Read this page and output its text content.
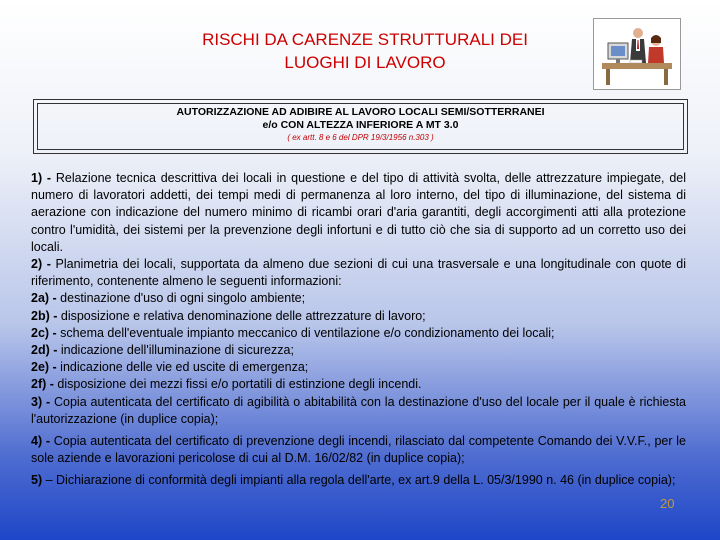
RISCHI DA CARENZE STRUTTURALI DEI
LUOGHI DI LAVORO
AUTORIZZAZIONE AD ADIBIRE AL LAVORO LOCALI SEMI/SOTTERRANEI
e/o CON ALTEZZA INFERIORE A MT 3.0
( ex artt. 8 e 6 del DPR 19/3/1956 n.303 )

1) - Relazione tecnica descrittiva dei locali in questione e del tipo di attività svolta, delle attrezzature impiegate, del numero di lavoratori addetti, dei tempi medi di permanenza al loro interno, del tipo di illuminazione, del sistema di aerazione con indicazione del numero minimo di ricambi orari d'aria garantiti, degli accorgimenti atti alla protezione contro l'umidità, dei sistemi per la prevenzione degli infortuni e di tutto ciò che sia di supporto ad un corretto uso dei locali.

2) - Planimetria dei locali, supportata da almeno due sezioni di cui una trasversale e una longitudinale con quote di riferimento, contenente almeno le seguenti informazioni:

2a) - destinazione d'uso di ogni singolo ambiente;

2b) - disposizione e relativa denominazione delle attrezzature di lavoro;

2c) - schema dell'eventuale impianto meccanico di ventilazione e/o condizionamento dei locali;

2d) - indicazione dell'illuminazione di sicurezza;

2e) - indicazione delle vie ed uscite di emergenza;

2f) - disposizione dei mezzi fissi e/o portatili di estinzione degli incendi.

3) - Copia autenticata del certificato di agibilità o abitabilità con la destinazione d'uso del locale per il quale è richiesta l'autorizzazione (in duplice copia);

4) - Copia autenticata del certificato di prevenzione degli incendi, rilasciato dal competente Comando dei V.V.F., per le sole aziende e lavorazioni pericolose di cui al D.M. 16/02/82 (in duplice copia);

5) – Dichiarazione di conformità degli impianti alla regola dell'arte, ex art.9 della L. 05/3/1990 n. 46 (in duplice copia);

20
